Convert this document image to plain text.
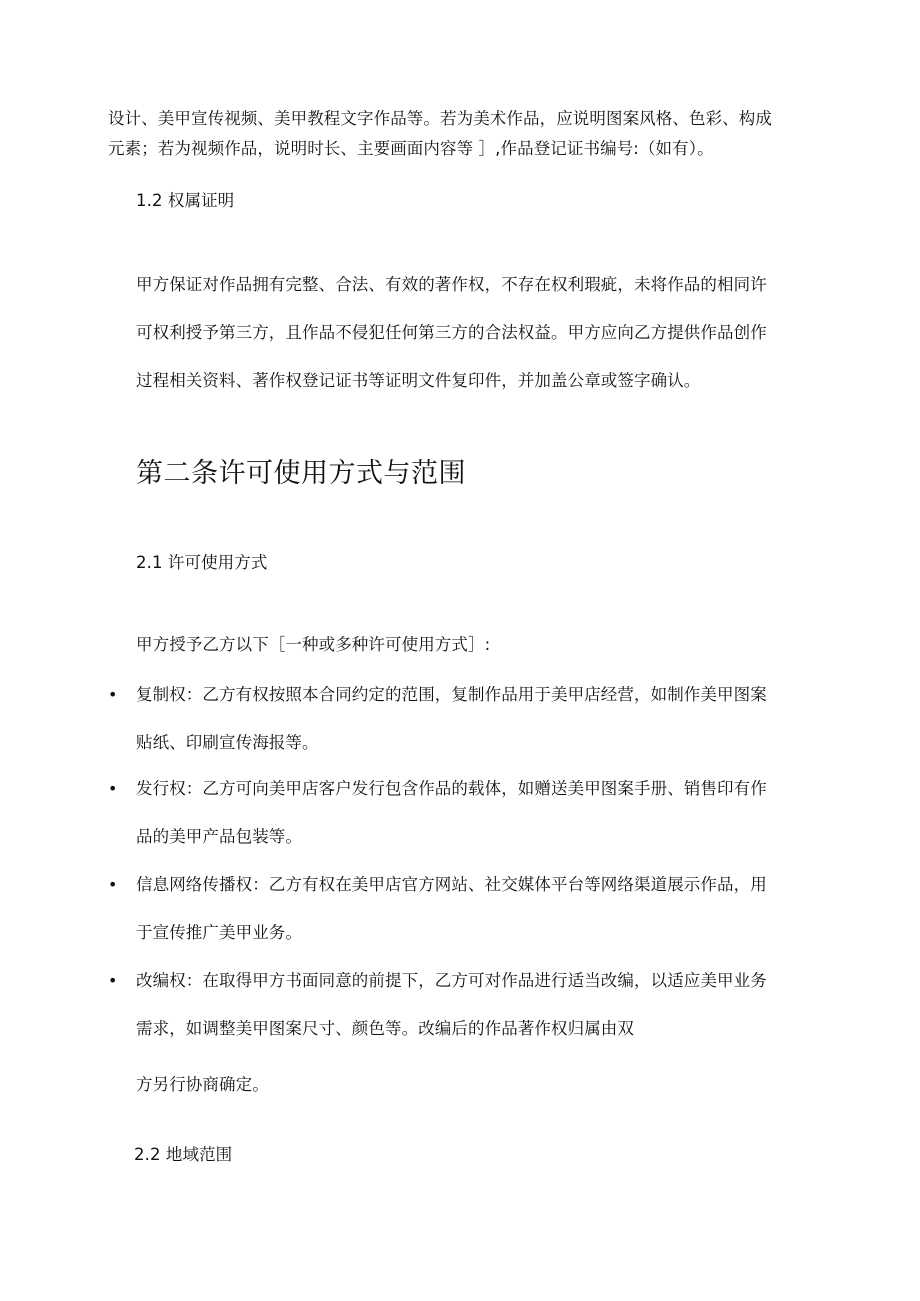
设计、美甲宣传视频、美甲教程文字作品等。若为美术作品，应说明图案风格、色彩、构成
元素；若为视频作品，说明时长、主要画面内容等 ］,作品登记证书编号:（如有）。
1.2 权属证明
甲方保证对作品拥有完整、合法、有效的著作权，不存在权利瑕疵，未将作品的相同许
可权利授予第三方，且作品不侵犯任何第三方的合法权益。甲方应向乙方提供作品创作
过程相关资料、著作权登记证书等证明文件复印件，并加盖公章或签字确认。
第二条许可使用方式与范围
2.1 许可使用方式
甲方授予乙方以下［一种或多种许可使用方式］:
• 复制权：乙方有权按照本合同约定的范围，复制作品用于美甲店经营，如制作美甲图案
贴纸、印刷宣传海报等。
• 发行权：乙方可向美甲店客户发行包含作品的载体，如赠送美甲图案手册、销售印有作
品的美甲产品包装等。
• 信息网络传播权：乙方有权在美甲店官方网站、社交媒体平台等网络渠道展示作品，用
于宣传推广美甲业务。
• 改编权：在取得甲方书面同意的前提下，乙方可对作品进行适当改编，以适应美甲业务
需求，如调整美甲图案尺寸、颜色等。改编后的作品著作权归属由双
方另行协商确定。
2.2 地域范围
